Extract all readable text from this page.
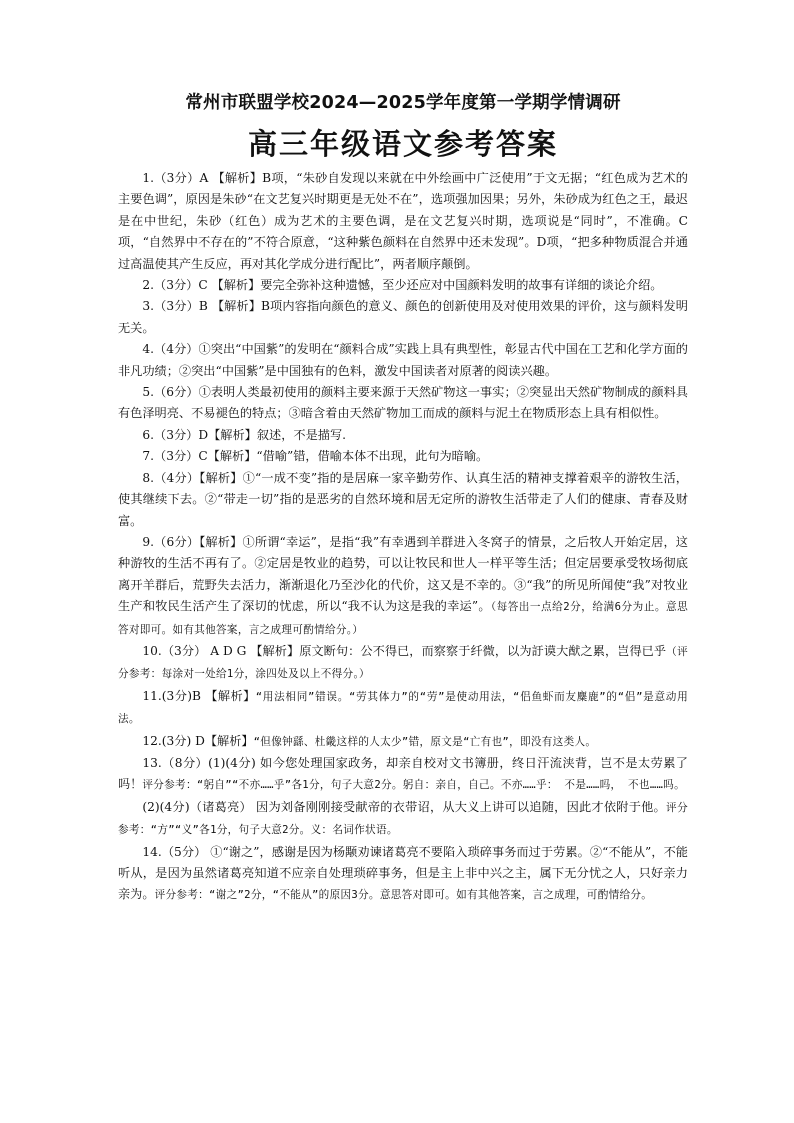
常州市联盟学校2024—2025学年度第一学期学情调研
高三年级语文参考答案

1.（3分）A 【解析】B项，“朱砂自发现以来就在中外绘画中广泛使用”于文无据；“红色成为艺术的主要色调”，原因是朱砂“在文艺复兴时期更是无处不在”，选项强加因果；另外，朱砂成为红色之王，最迟是在中世纪，朱砂（红色）成为艺术的主要色调，是在文艺复兴时期，选项说是“同时”，不准确。C项，“自然界中不存在的”不符合原意，“这种紫色颜料在自然界中还未发现”。D项，“把多种物质混合并通过高温使其产生反应，再对其化学成分进行配比”，两者顺序颠倒。

2.（3分）C 【解析】要完全弥补这种遗憾，至少还应对中国颜料发明的故事有详细的谈论介绍。

3.（3分）B 【解析】B项内容指向颜色的意义、颜色的创新使用及对使用效果的评价，这与颜料发明无关。

4.（4分）①突出“中国紫”的发明在“颜料合成”实践上具有典型性，彰显古代中国在工艺和化学方面的非凡功绩；②突出“中国紫”是中国独有的色料，激发中国读者对原著的阅读兴趣。

5.（6分）①表明人类最初使用的颜料主要来源于天然矿物这一事实；②突显出天然矿物制成的颜料具有色泽明亮、不易褪色的特点；③暗含着由天然矿物加工而成的颜料与泥土在物质形态上具有相似性。

6.（3分）D【解析】叙述，不是描写.

7.（3分）C【解析】“借喻”错，借喻本体不出现，此句为暗喻。

8.（4分）【解析】①“一成不变”指的是居麻一家辛勤劳作、认真生活的精神支撑着艰辛的游牧生活，使其继续下去。②“带走一切”指的是恶劣的自然环境和居无定所的游牧生活带走了人们的健康、青春及财富。

9.（6分）【解析】①所谓“幸运”，是指“我”有幸遇到羊群进入冬窝子的情景，之后牧人开始定居，这种游牧的生活不再有了。②定居是牧业的趋势，可以让牧民和世人一样平等生活；但定居要承受牧场彻底离开羊群后，荒野失去活力，渐渐退化乃至沙化的代价，这又是不幸的。③“我”的所见所闻使“我”对牧业生产和牧民生活产生了深切的忧虑，所以“我不认为这是我的幸运”。（每答出一点给2分，给满6分为止。意思答对即可。如有其他答案，言之成理可酌情给分。）

10.（3分） A D G 【解析】原文断句：公不得已，而察察于纤微，以为訏谟大猷之累，岂得已乎（评分参考：每涂对一处给1分，涂四处及以上不得分。）

11.(3分)B 【解析】“用法相同”错误。“劳其体力”的“劳”是使动用法，“侣鱼虾而友麋鹿”的“侣”是意动用法。

12.(3分) D【解析】“但像钟繇、杜畿这样的人太少”错，原文是“亡有也”，即没有这类人。

13.（8分）(1)(4分) 如今您处理国家政务，却亲自校对文书簿册，终日汗流浃背，岂不是太劳累了吗！评分参考：“躬自”“不亦……乎”各1分，句子大意2分。躬自：亲自，自己。不亦……乎： 不是……吗， 不也……吗。

(2)(4分)（诸葛亮） 因为刘备刚刚接受献帝的衣带诏，从大义上讲可以追随，因此才依附于他。评分参考：“方”“义”各1分，句子大意2分。义：名词作状语。

14.（5分） ①“谢之”，感谢是因为杨颙劝谏诸葛亮不要陷入琐碎事务而过于劳累。②“不能从”，不能听从，是因为虽然诸葛亮知道不应亲自处理琐碎事务，但是主上非中兴之主，属下无分忧之人，只好亲力亲为。评分参考：“谢之”2分，“不能从”的原因3分。意思答对即可。如有其他答案，言之成理，可酌情给分。
